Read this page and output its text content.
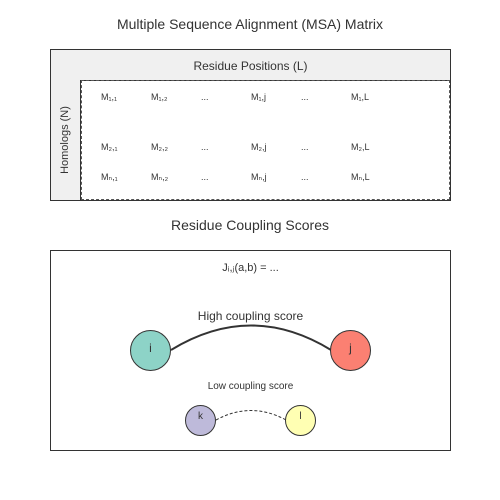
Multiple Sequence Alignment (MSA) Matrix
Residue Positions (L)
Homologs (N)
M₁,₁	M₁,₂	...	M₁,j	...	M₁,L
M₂,₁	M₂,₂	...	M₂,j	...	M₂,L
Mₙ,₁	Mₙ,₂	...	Mₙ,j	...	Mₙ,L
Residue Coupling Scores
Jᵢ,ⱼ(a,b) = ...
High coupling score
Low coupling score
i	j
k	l
